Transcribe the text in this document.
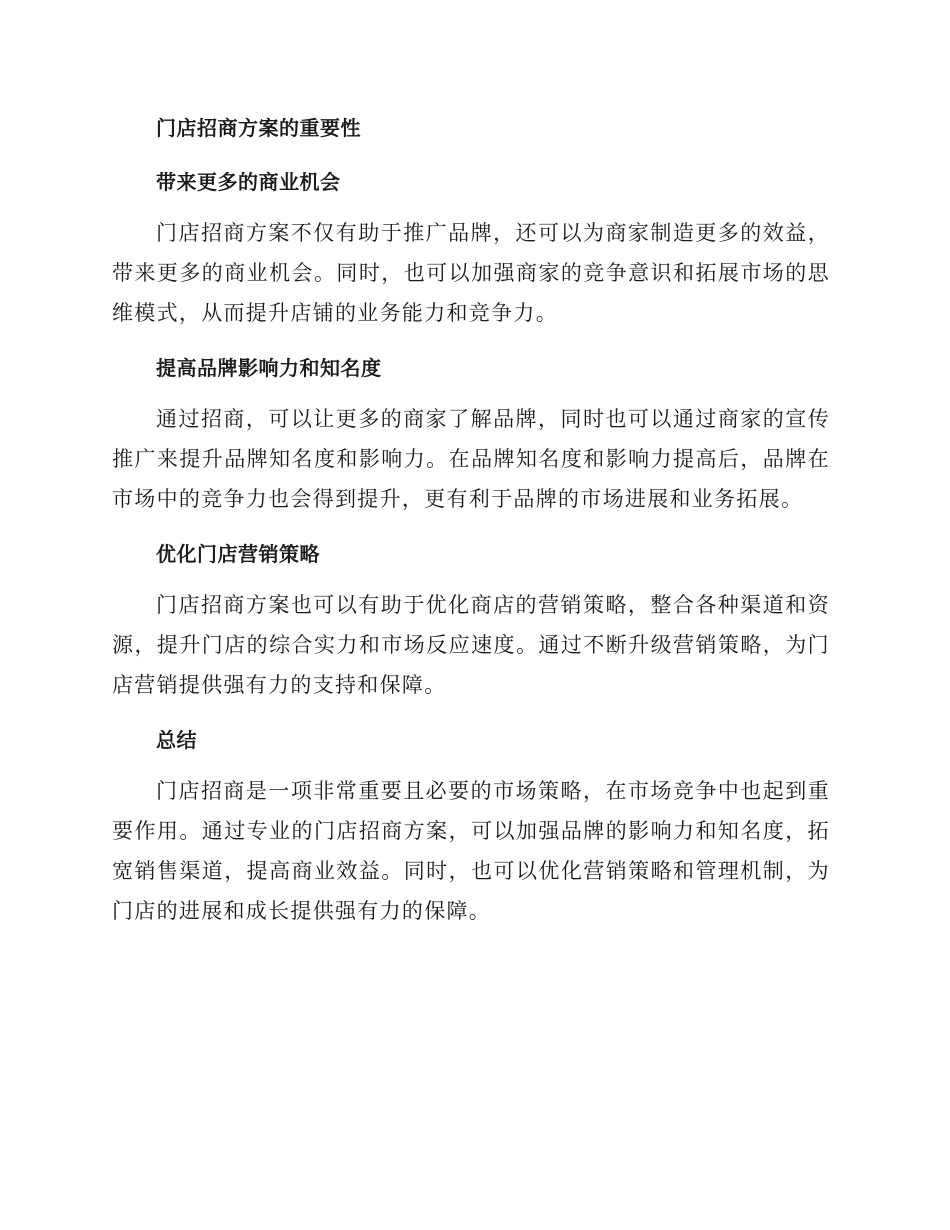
门店招商方案的重要性
带来更多的商业机会

门店招商方案不仅有助于推广品牌，还可以为商家制造更多的效益，带来更多的商业机会。同时，也可以加强商家的竞争意识和拓展市场的思维模式，从而提升店铺的业务能力和竞争力。

提高品牌影响力和知名度

通过招商，可以让更多的商家了解品牌，同时也可以通过商家的宣传推广来提升品牌知名度和影响力。在品牌知名度和影响力提高后，品牌在市场中的竞争力也会得到提升，更有利于品牌的市场进展和业务拓展。

优化门店营销策略

门店招商方案也可以有助于优化商店的营销策略，整合各种渠道和资源，提升门店的综合实力和市场反应速度。通过不断升级营销策略，为门店营销提供强有力的支持和保障。

总结

门店招商是一项非常重要且必要的市场策略，在市场竞争中也起到重要作用。通过专业的门店招商方案，可以加强品牌的影响力和知名度，拓宽销售渠道，提高商业效益。同时，也可以优化营销策略和管理机制，为门店的进展和成长提供强有力的保障。
